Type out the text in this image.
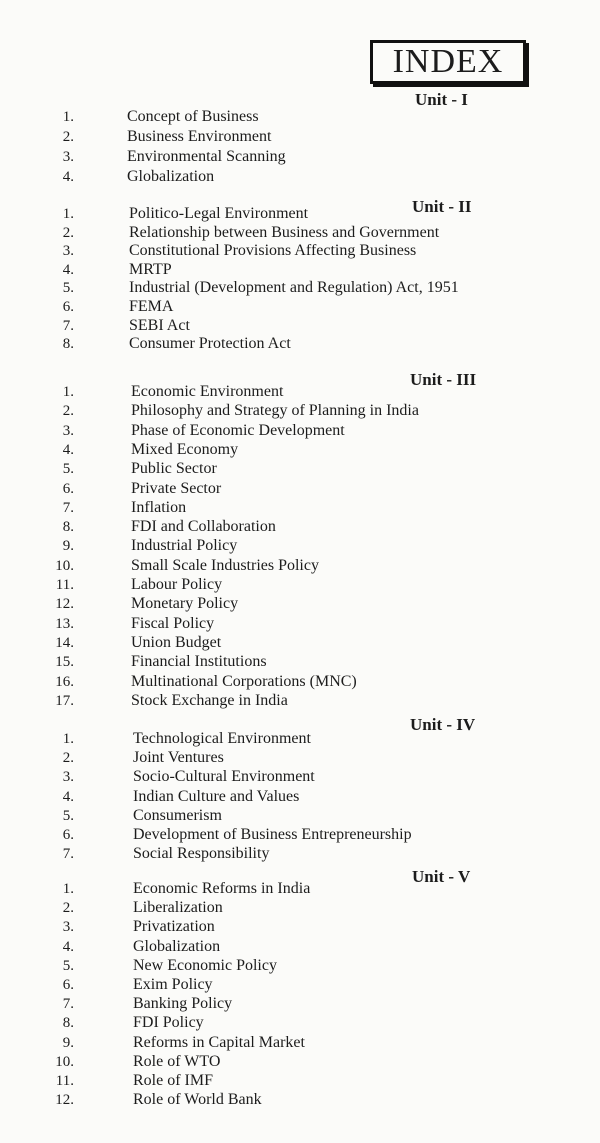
INDEX
Unit - I
1.	Concept of Business
2.	Business Environment
3.	Environmental Scanning
4.	Globalization
Unit - II
1.	Politico-Legal Environment
2.	Relationship between Business and Government
3.	Constitutional Provisions Affecting Business
4.	MRTP
5.	Industrial (Development and Regulation) Act, 1951
6.	FEMA
7.	SEBI Act
8.	Consumer Protection Act
Unit - III
1.	Economic Environment
2.	Philosophy and Strategy of Planning in India
3.	Phase of Economic Development
4.	Mixed Economy
5.	Public Sector
6.	Private Sector
7.	Inflation
8.	FDI and Collaboration
9.	Industrial Policy
10.	Small Scale Industries Policy
11.	Labour Policy
12.	Monetary Policy
13.	Fiscal Policy
14.	Union Budget
15.	Financial Institutions
16.	Multinational Corporations (MNC)
17.	Stock Exchange in India
Unit - IV
1.	Technological Environment
2.	Joint Ventures
3.	Socio-Cultural Environment
4.	Indian Culture and Values
5.	Consumerism
6.	Development of Business Entrepreneurship
7.	Social Responsibility
Unit - V
1.	Economic Reforms in India
2.	Liberalization
3.	Privatization
4.	Globalization
5.	New Economic Policy
6.	Exim Policy
7.	Banking Policy
8.	FDI Policy
9.	Reforms in Capital Market
10.	Role of WTO
11.	Role of IMF
12.	Role of World Bank
